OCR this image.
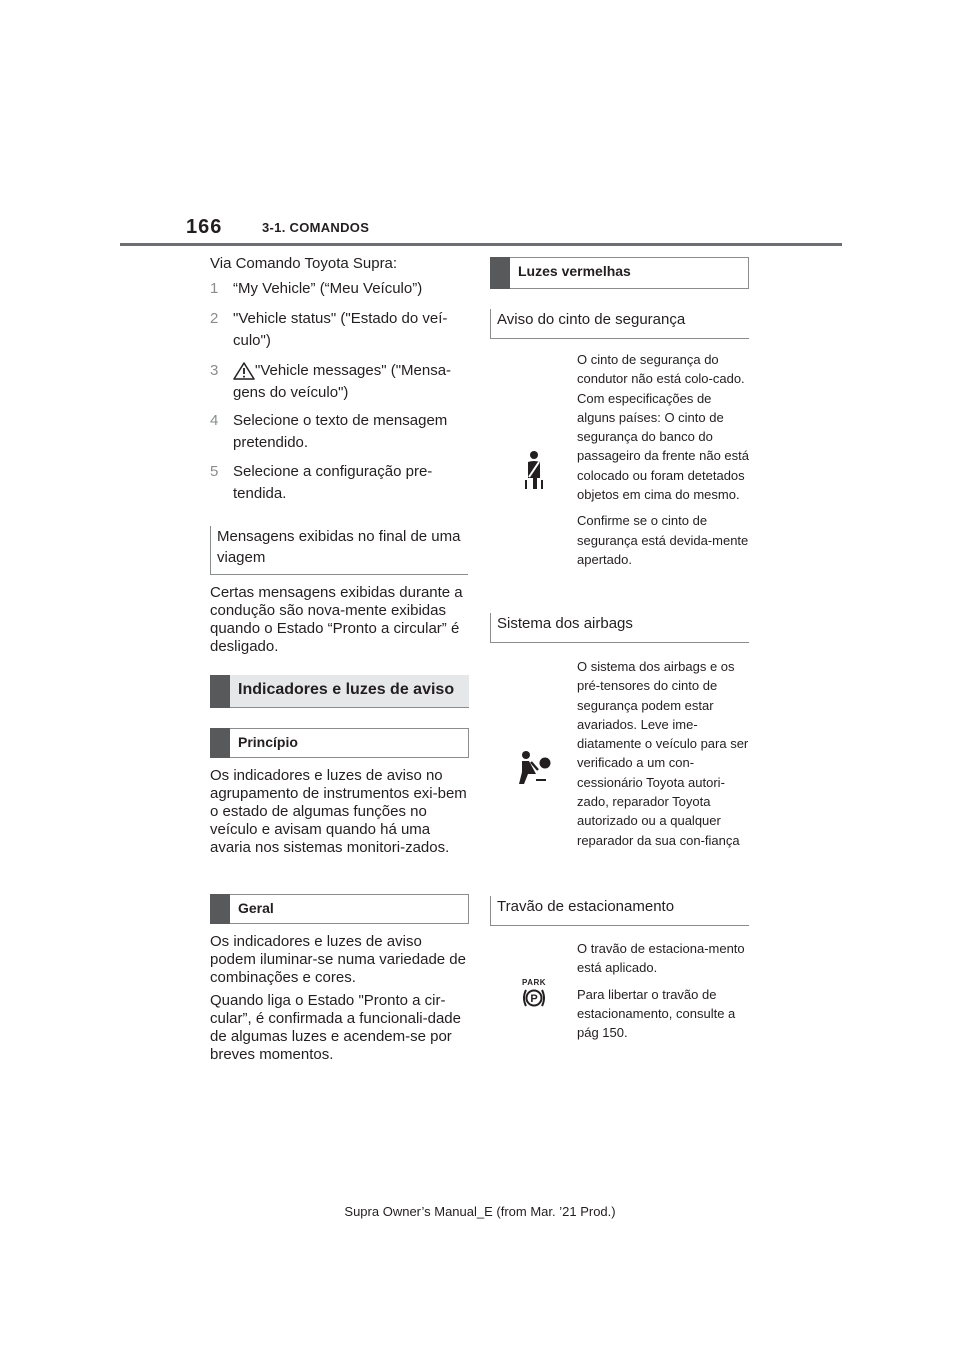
166	3-1. COMANDOS
Via Comando Toyota Supra:
1 “My Vehicle” (“Meu Veículo”)
2 "Vehicle status" ("Estado do veí-culo")
3	"Vehicle messages" ("Mensa-gens do veículo")
4 Selecione o texto de mensagem pretendido.
5 Selecione a configuração pre-tendida.
Mensagens exibidas no final de uma viagem
Certas mensagens exibidas durante a condução são nova-mente exibidas quando o Estado “Pronto a circular” é desligado.
Indicadores e luzes de aviso
Princípio
Os indicadores e luzes de aviso no agrupamento de instrumentos exi-bem o estado de algumas funções no veículo e avisam quando há uma avaria nos sistemas monitori-zados.
Geral
Os indicadores e luzes de aviso podem iluminar-se numa variedade de combinações e cores.
Quando liga o Estado "Pronto a cir-cular”, é confirmada a funcionali-dade de algumas luzes e acendem-se por breves momentos.
Luzes vermelhas
Aviso do cinto de segurança

O cinto de segurança do condutor não está colo-cado. Com especificações de alguns países: O cinto de segurança do banco do passageiro da frente não está colocado ou foram detetados objetos em cima do mesmo.

Confirme se o cinto de segurança está devida-mente apertado.

Sistema dos airbags

O sistema dos airbags e os pré-tensores do cinto de segurança podem estar avariados. Leve ime-diatamente o veículo para ser verificado a um con-cessionário Toyota autori-zado, reparador Toyota autorizado ou a qualquer reparador da sua con-fiança

Travão de estacionamento
PARK
P

O travão de estaciona-mento está aplicado.

Para libertar o travão de estacionamento, consulte a pág 150.

Supra Owner’s Manual_E (from Mar. ’21 Prod.)
